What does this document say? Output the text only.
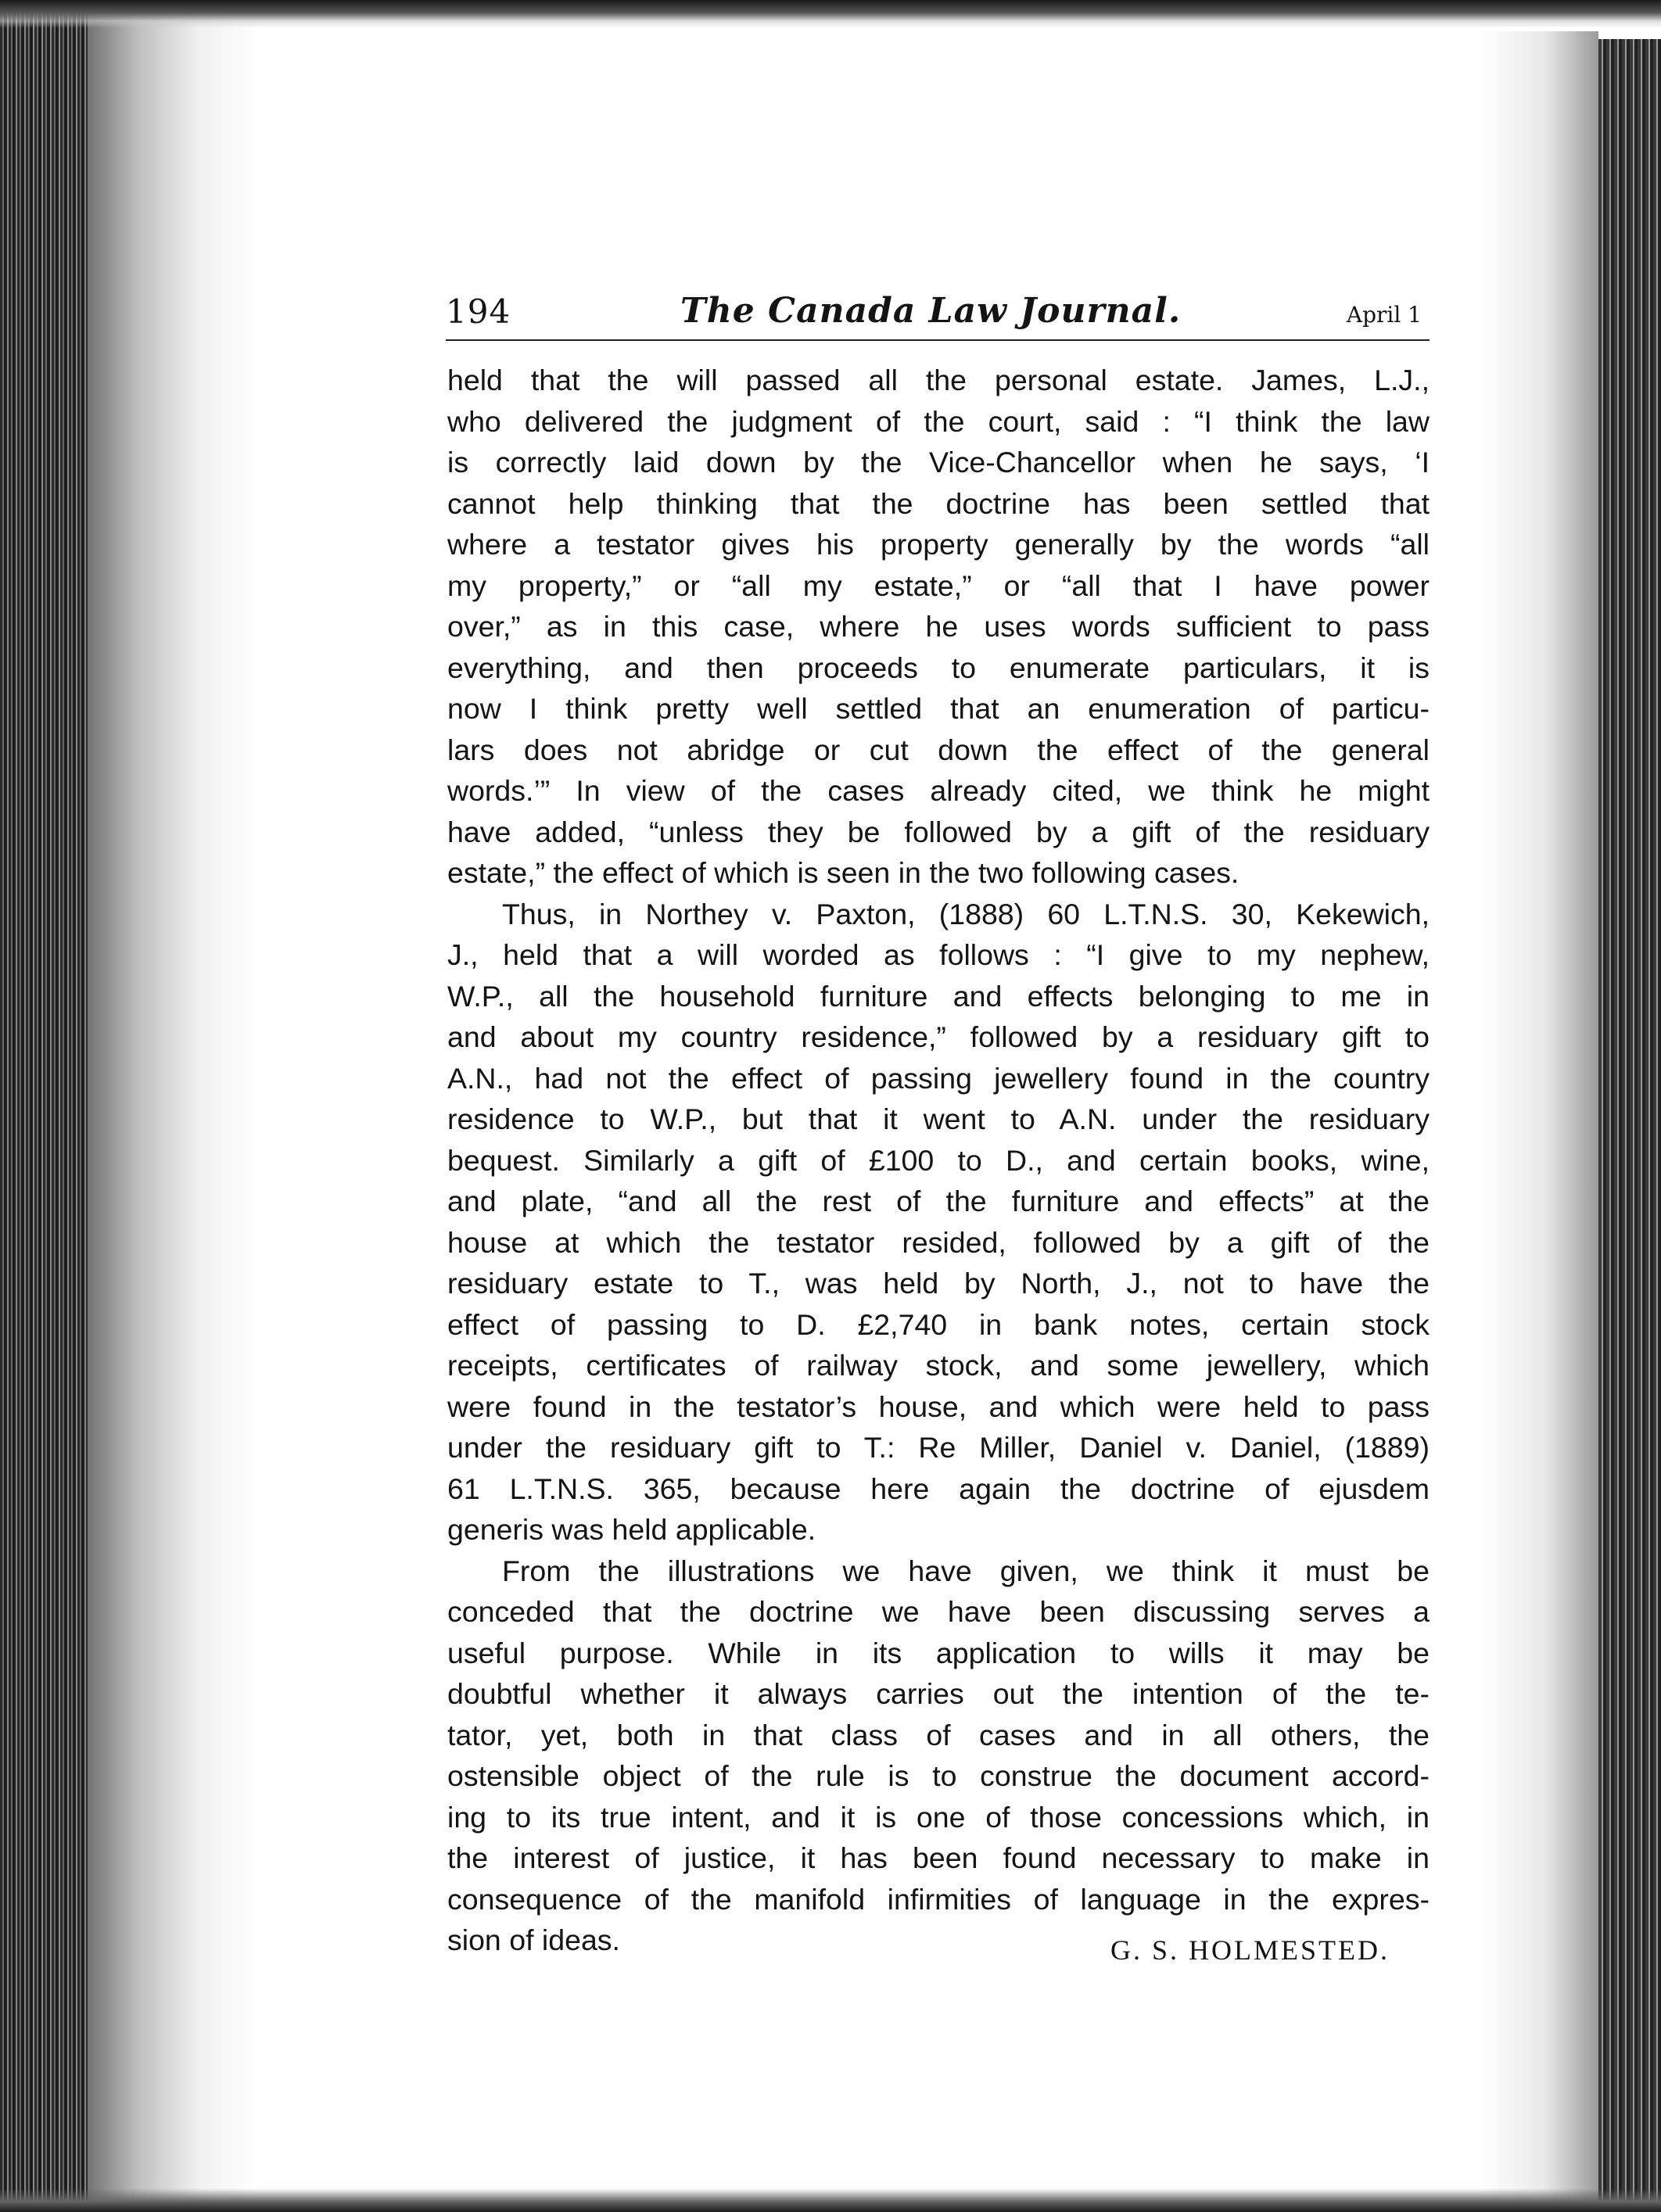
194	The Canada Law Journal.	April 1

held that the will passed all the personal estate. James, L.J.,
who delivered the judgment of the court, said : “I think the law
is correctly laid down by the Vice-Chancellor when he says, ‘I
cannot help thinking that the doctrine has been settled that
where a testator gives his property generally by the words “all
my property,” or “all my estate,” or “all that I have power
over,” as in this case, where he uses words sufficient to pass
everything, and then proceeds to enumerate particulars, it is
now I think pretty well settled that an enumeration of particu-
lars does not abridge or cut down the effect of the general
words.’” In view of the cases already cited, we think he might
have added, “unless they be followed by a gift of the residuary
estate,” the effect of which is seen in the two following cases.

Thus, in Northey v. Paxton, (1888) 60 L.T.N.S. 30, Kekewich,
J., held that a will worded as follows : “I give to my nephew,
W.P., all the household furniture and effects belonging to me in
and about my country residence,” followed by a residuary gift to
A.N., had not the effect of passing jewellery found in the country
residence to W.P., but that it went to A.N. under the residuary
bequest. Similarly a gift of £100 to D., and certain books, wine,
and plate, “and all the rest of the furniture and effects” at the
house at which the testator resided, followed by a gift of the
residuary estate to T., was held by North, J., not to have the
effect of passing to D. £2,740 in bank notes, certain stock
receipts, certificates of railway stock, and some jewellery, which
were found in the testator’s house, and which were held to pass
under the residuary gift to T.: Re Miller, Daniel v. Daniel, (1889)
61 L.T.N.S. 365, because here again the doctrine of ejusdem
generis was held applicable.

From the illustrations we have given, we think it must be
conceded that the doctrine we have been discussing serves a
useful purpose. While in its application to wills it may be
doubtful whether it always carries out the intention of the te-
tator, yet, both in that class of cases and in all others, the
ostensible object of the rule is to construe the document accord-
ing to its true intent, and it is one of those concessions which, in
the interest of justice, it has been found necessary to make in
consequence of the manifold infirmities of language in the expres-
sion of ideas.	G. S. HOLMESTED.
